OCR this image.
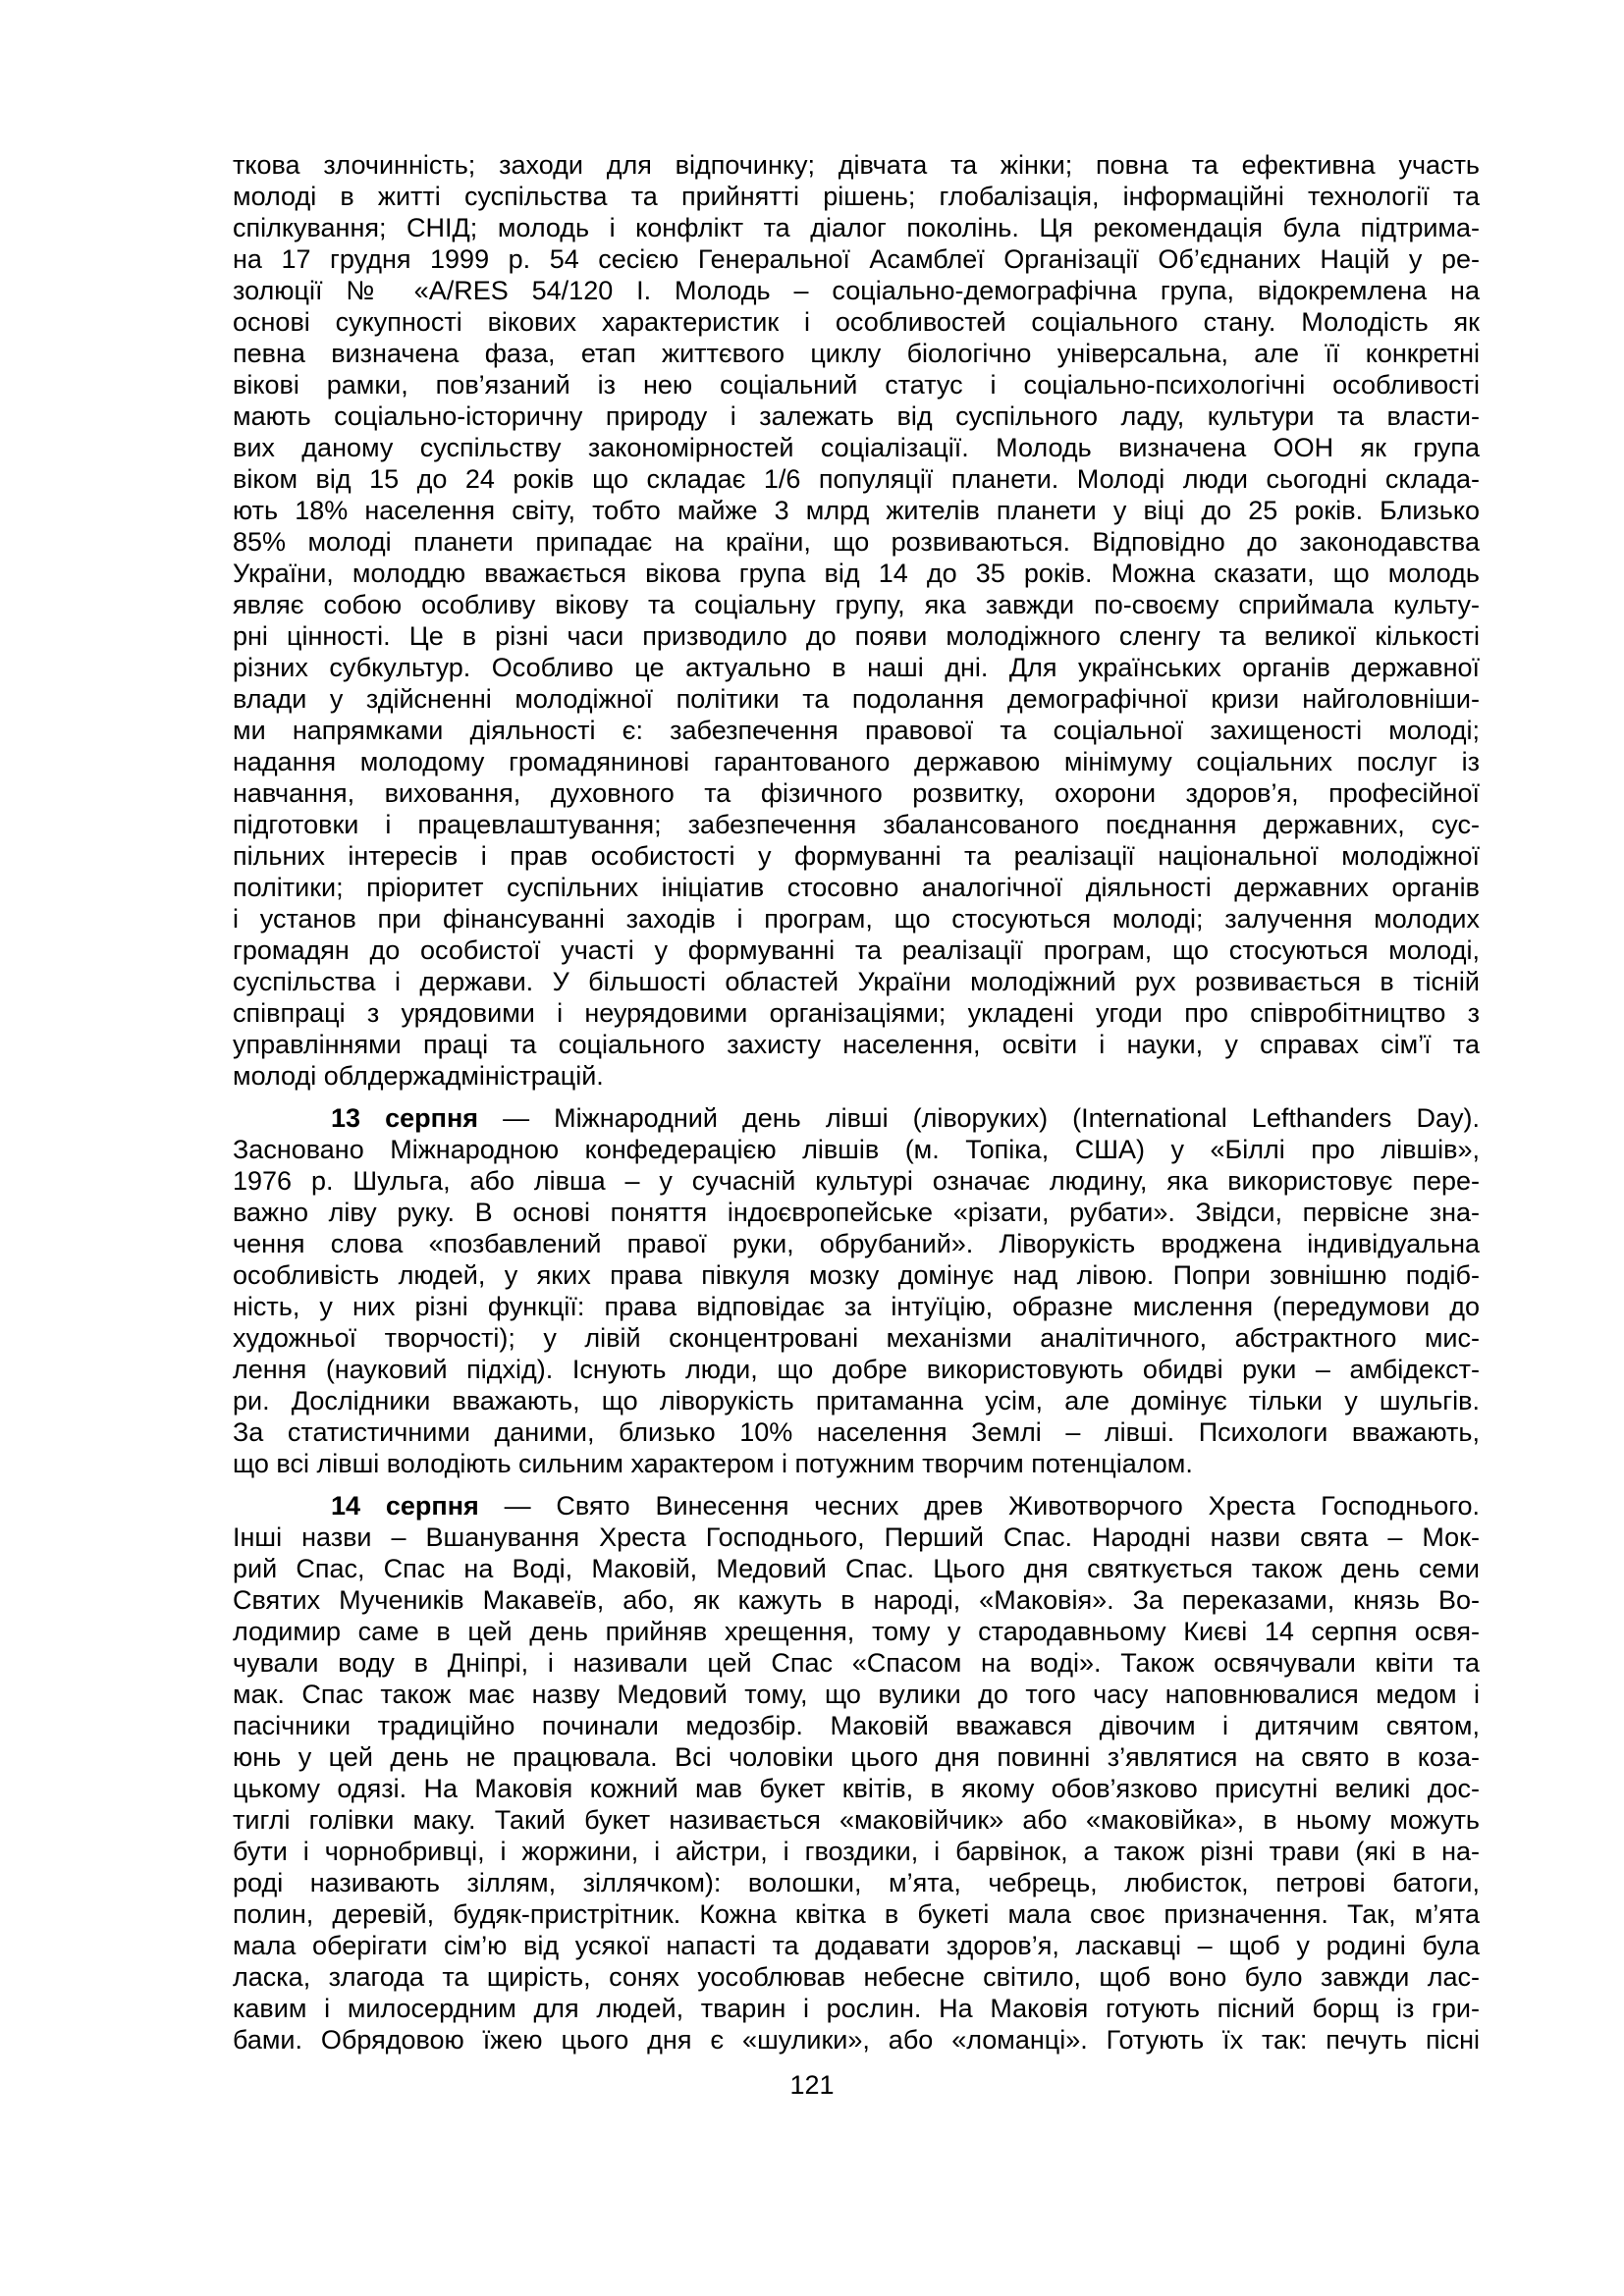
ткова злочинність; заходи для відпочинку; дівчата та жінки; повна та ефективна участь
молоді в житті суспільства та прийнятті рішень; глобалізація, інформаційні технології та
спілкування; СНІД; молодь і конфлікт та діалог поколінь. Ця рекомендація була підтрима-
на 17 грудня 1999 р. 54 сесією Генеральної Асамблеї Організації Об’єднаних Націй у ре-
золюції № «A/RES 54/120 І. Молодь – соціально-демографічна група, відокремлена на
основі сукупності вікових характеристик і особливостей соціального стану. Молодість як
певна визначена фаза, етап життєвого циклу біологічно універсальна, але її конкретні
вікові рамки, пов’язаний із нею соціальний статус і соціально-психологічні особливості
мають соціально-історичну природу і залежать від суспільного ладу, культури та власти-
вих даному суспільству закономірностей соціалізації. Молодь визначена ООН як група
віком від 15 до 24 років що складає 1/6 популяції планети. Молоді люди сьогодні склада-
ють 18% населення світу, тобто майже 3 млрд жителів планети у віці до 25 років. Близько
85% молоді планети припадає на країни, що розвиваються. Відповідно до законодавства
України, молоддю вважається вікова група від 14 до 35 років. Можна сказати, що молодь
являє собою особливу вікову та соціальну групу, яка завжди по-своєму сприймала культу-
рні цінності. Це в різні часи призводило до появи молодіжного сленгу та великої кількості
різних субкультур. Особливо це актуально в наші дні. Для українських органів державної
влади у здійсненні молодіжної політики та подолання демографічної кризи найголовніши-
ми напрямками діяльності є: забезпечення правової та соціальної захищеності молоді;
надання молодому громадянинові гарантованого державою мінімуму соціальних послуг із
навчання, виховання, духовного та фізичного розвитку, охорони здоров’я, професійної
підготовки і працевлаштування; забезпечення збалансованого поєднання державних, сус-
пільних інтересів і прав особистості у формуванні та реалізації національної молодіжної
політики; пріоритет суспільних ініціатив стосовно аналогічної діяльності державних органів
і установ при фінансуванні заходів і програм, що стосуються молоді; залучення молодих
громадян до особистої участі у формуванні та реалізації програм, що стосуються молоді,
суспільства і держави. У більшості областей України молодіжний рух розвивається в тісній
співпраці з урядовими і неурядовими організаціями; укладені угоди про співробітництво з
управліннями праці та соціального захисту населення, освіти і науки, у справах сім’ї та
молоді облдержадміністрацій.
13 серпня — Міжнародний день лівші (ліворуких) (International Lefthanders Day).
Засновано Міжнародною конфедерацією лівшів (м. Топіка, США) у «Біллі про лівшів»,
1976 р. Шульга, або лівша – у сучасній культурі означає людину, яка використовує пере-
важно ліву руку. В основі поняття індоєвропейське «різати, рубати». Звідси, первісне зна-
чення слова «позбавлений правої руки, обрубаний». Ліворукість вроджена індивідуальна
особливість людей, у яких права півкуля мозку домінує над лівою. Попри зовнішню подіб-
ність, у них різні функції: права відповідає за інтуїцію, образне мислення (передумови до
художньої творчості); у лівій сконцентровані механізми аналітичного, абстрактного мис-
лення (науковий підхід). Існують люди, що добре використовують обидві руки – амбідекст-
ри. Дослідники вважають, що ліворукість притаманна усім, але домінує тільки у шульгів.
За статистичними даними, близько 10% населення Землі – лівші. Психологи вважають,
що всі лівші володіють сильним характером і потужним творчим потенціалом.
14 серпня — Свято Винесення чесних древ Животворчого Хреста Господнього.
Інші назви – Вшанування Хреста Господнього, Перший Спас. Народні назви свята – Мок-
рий Спас, Спас на Воді, Маковій, Медовий Спас. Цього дня святкується також день семи
Святих Мучеників Макавеїв, або, як кажуть в народі, «Маковія». За переказами, князь Во-
лодимир саме в цей день прийняв хрещення, тому у стародавньому Києві 14 серпня освя-
чували воду в Дніпрі, і називали цей Спас «Спасом на воді». Також освячували квіти та
мак. Спас також має назву Медовий тому, що вулики до того часу наповнювалися медом і
пасічники традиційно починали медозбір. Маковій вважався дівочим і дитячим святом,
юнь у цей день не працювала. Всі чоловіки цього дня повинні з’являтися на свято в коза-
цькому одязі. На Маковія кожний мав букет квітів, в якому обов’язково присутні великі дос-
тиглі голівки маку. Такий букет називається «маковійчик» або «маковійка», в ньому можуть
бути і чорнобривці, і жоржини, і айстри, і гвоздики, і барвінок, а також різні трави (які в на-
роді називають зіллям, зіллячком): волошки, м’ята, чебрець, любисток, петрові батоги,
полин, деревій, будяк-пристрітник. Кожна квітка в букеті мала своє призначення. Так, м’ята
мала оберігати сім’ю від усякої напасті та додавати здоров’я, ласкавці – щоб у родині була
ласка, злагода та щирість, сонях уособлював небесне світило, щоб воно було завжди лас-
кавим і милосердним для людей, тварин і рослин. На Маковія готують пісний борщ із гри-
бами. Обрядовою їжею цього дня є «шулики», або «ломанці». Готують їх так: печуть пісні
121
